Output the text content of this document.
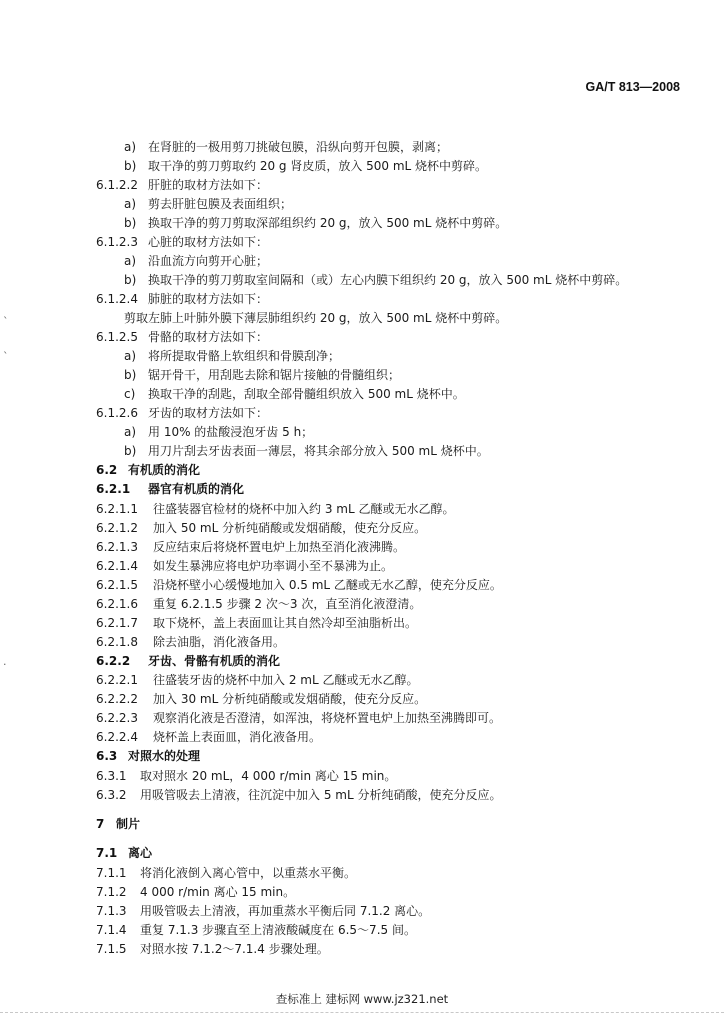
GA/T 813—2008
`
`
·
a) 在肾脏的一极用剪刀挑破包膜，沿纵向剪开包膜，剥离；
b) 取干净的剪刀剪取约 20 g 肾皮质，放入 500 mL 烧杯中剪碎。
6.1.2.2 肝脏的取材方法如下：
a) 剪去肝脏包膜及表面组织；
b) 换取干净的剪刀剪取深部组织约 20 g，放入 500 mL 烧杯中剪碎。
6.1.2.3 心脏的取材方法如下：
a) 沿血流方向剪开心脏；
b) 换取干净的剪刀剪取室间隔和（或）左心内膜下组织约 20 g，放入 500 mL 烧杯中剪碎。
6.1.2.4 肺脏的取材方法如下：
剪取左肺上叶肺外膜下薄层肺组织约 20 g，放入 500 mL 烧杯中剪碎。
6.1.2.5 骨骼的取材方法如下：
a) 将所提取骨骼上软组织和骨膜刮净；
b) 锯开骨干，用刮匙去除和锯片接触的骨髓组织；
c) 换取干净的刮匙，刮取全部骨髓组织放入 500 mL 烧杯中。
6.1.2.6 牙齿的取材方法如下：
a) 用 10% 的盐酸浸泡牙齿 5 h；
b) 用刀片刮去牙齿表面一薄层，将其余部分放入 500 mL 烧杯中。
6.2 有机质的消化
6.2.1 器官有机质的消化
6.2.1.1 往盛装器官检材的烧杯中加入约 3 mL 乙醚或无水乙醇。
6.2.1.2 加入 50 mL 分析纯硝酸或发烟硝酸，使充分反应。
6.2.1.3 反应结束后将烧杯置电炉上加热至消化液沸腾。
6.2.1.4 如发生暴沸应将电炉功率调小至不暴沸为止。
6.2.1.5 沿烧杯壁小心缓慢地加入 0.5 mL 乙醚或无水乙醇，使充分反应。
6.2.1.6 重复 6.2.1.5 步骤 2 次～3 次，直至消化液澄清。
6.2.1.7 取下烧杯，盖上表面皿让其自然冷却至油脂析出。
6.2.1.8 除去油脂，消化液备用。
6.2.2 牙齿、骨骼有机质的消化
6.2.2.1 往盛装牙齿的烧杯中加入 2 mL 乙醚或无水乙醇。
6.2.2.2 加入 30 mL 分析纯硝酸或发烟硝酸，使充分反应。
6.2.2.3 观察消化液是否澄清，如浑浊，将烧杯置电炉上加热至沸腾即可。
6.2.2.4 烧杯盖上表面皿，消化液备用。
6.3 对照水的处理
6.3.1 取对照水 20 mL，4 000 r/min 离心 15 min。
6.3.2 用吸管吸去上清液，往沉淀中加入 5 mL 分析纯硝酸，使充分反应。
7 制片
7.1 离心
7.1.1 将消化液倒入离心管中，以重蒸水平衡。
7.1.2 4 000 r/min 离心 15 min。
7.1.3 用吸管吸去上清液，再加重蒸水平衡后同 7.1.2 离心。
7.1.4 重复 7.1.3 步骤直至上清液酸碱度在 6.5～7.5 间。
7.1.5 对照水按 7.1.2～7.1.4 步骤处理。
查标准上 建标网 www.jz321.net
